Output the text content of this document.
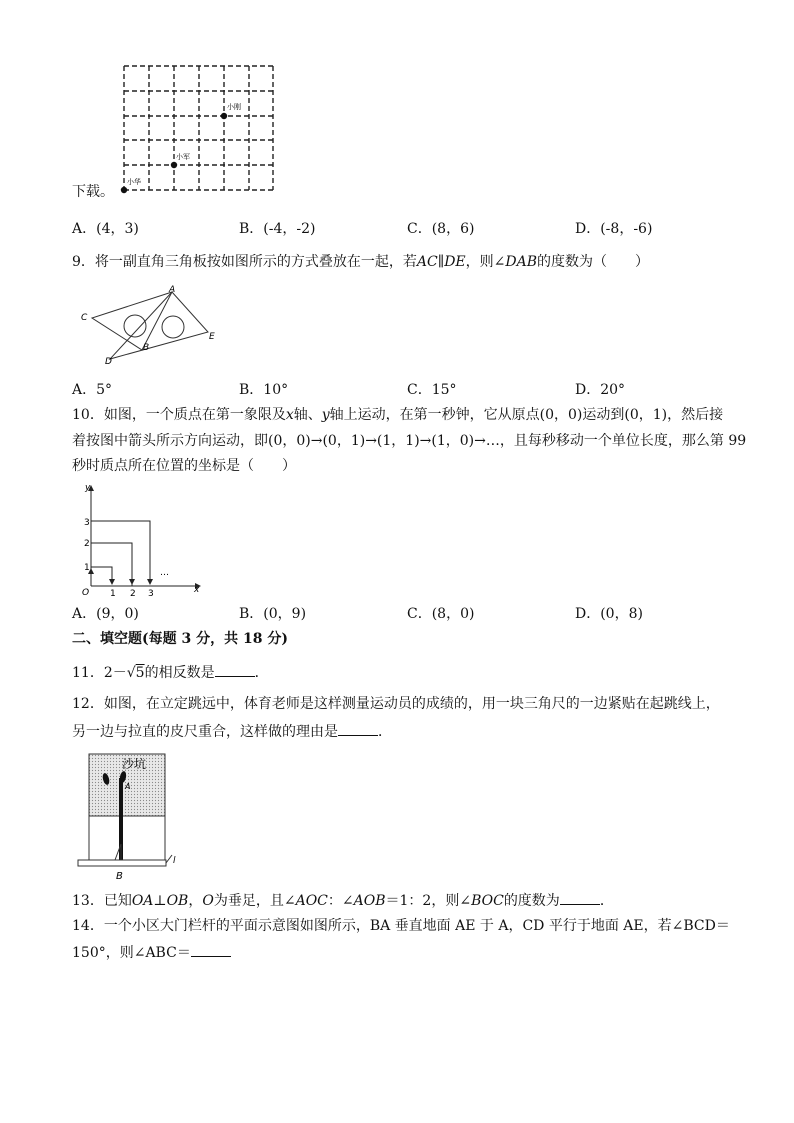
小刚
小军
小华
下载。
A．(4，3)	B．(-4，-2)	C．(8，6)	D．(-8，-6)
9．将一副直角三角板按如图所示的方式叠放在一起，若AC∥DE，则∠DAB的度数为（　　）
A
C
B
D
E
A．5°	B．10°	C．15°	D．20°
10．如图，一个质点在第一象限及x轴、y轴上运动，在第一秒钟，它从原点(0，0)运动到(0，1)，然后接
着按图中箭头所示方向运动，即(0，0)→(0，1)→(1，1)→(1，0)→…，且每秒移动一个单位长度，那么第 99
秒时质点所在位置的坐标是（　　）
y
x
O
1
2
3
1 2 3
…
A．(9，0)	B．(0，9)	C．(8，0)	D．(0，8)
二、填空题(每题 3 分，共 18 分)
11．2－√5的相反数是	．
12．如图，在立定跳远中，体育老师是这样测量运动员的成绩的，用一块三角尺的一边紧贴在起跳线上，
另一边与拉直的皮尺重合，这样做的理由是	．
沙坑
A
B
l
13．已知OA⊥OB，O为垂足，且∠AOC：∠AOB＝1：2，则∠BOC的度数为	．
14．一个小区大门栏杆的平面示意图如图所示，BA 垂直地面 AE 于 A，CD 平行于地面 AE，若∠BCD＝
150°，则∠ABC＝
